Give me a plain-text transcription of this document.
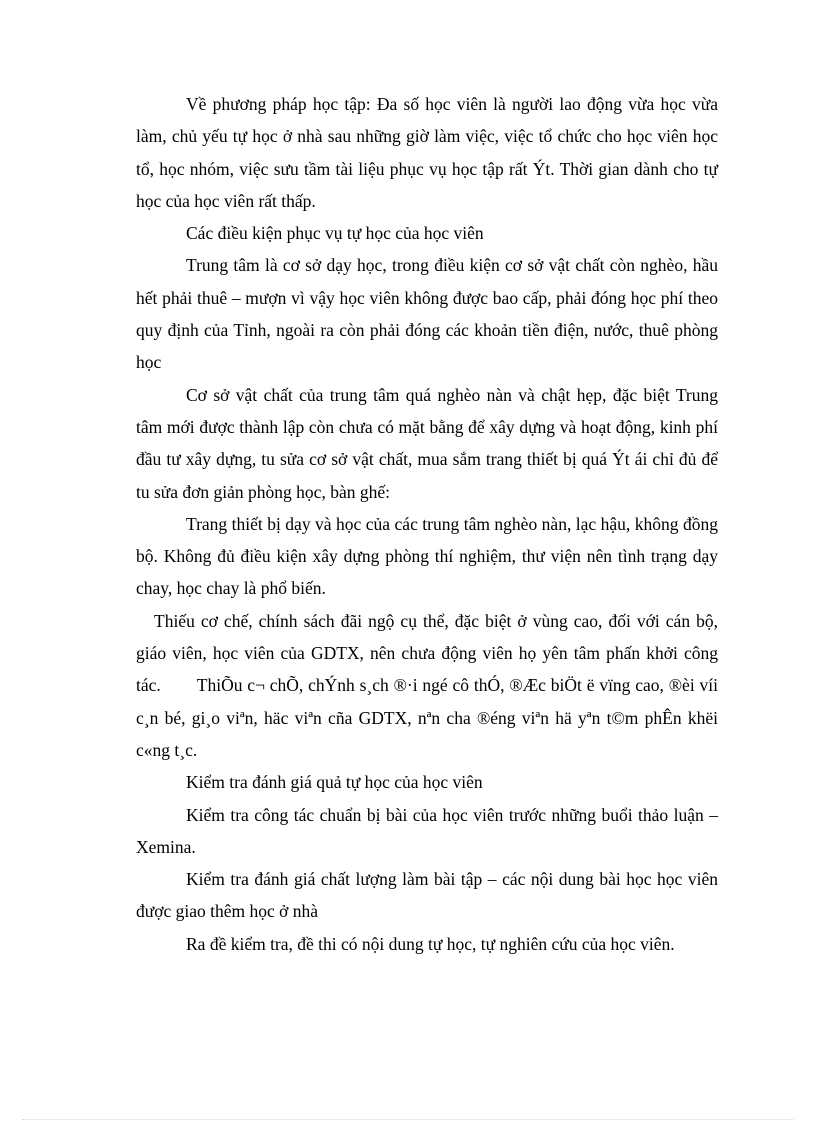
Về phương pháp học tập: Đa số học viên là người lao động vừa học vừa làm, chủ yếu tự học ở nhà sau những giờ làm việc, việc tổ chức cho học viên học tổ, học nhóm, việc sưu tầm tài liệu phục vụ học tập rất Ýt. Thời gian dành cho tự học của học viên rất thấp.

Các điều kiện phục vụ tự học của học viên

Trung tâm là cơ sở dạy học, trong điều kiện cơ sở vật chất còn nghèo, hầu hết phải thuê – mượn vì vậy học viên không được bao cấp, phải đóng học phí theo quy định của Tỉnh, ngoài ra còn phải đóng các khoản tiền điện, nước, thuê phòng học

Cơ sở vật chất của trung tâm quá nghèo nàn và chật hẹp, đặc biệt Trung tâm mới được thành lập còn chưa có mặt bằng để xây dựng và hoạt động, kinh phí đầu tư xây dựng, tu sửa cơ sở vật chất, mua sắm trang thiết bị quá Ýt ái chỉ đủ để tu sửa đơn giản phòng học, bàn ghế:

Trang thiết bị dạy và học của các trung tâm nghèo nàn, lạc hậu, không đồng bộ. Không đủ điều kiện xây dựng phòng thí nghiệm, thư viện nên tình trạng dạy chay, học chay là phổ biến.

Thiếu cơ chế, chính sách đãi ngộ cụ thể, đặc biệt ở vùng cao, đối với cán bộ, giáo viên, học viên của GDTX, nên chưa động viên họ yên tâm phấn khởi công tác. ThiÕu c¬ chÕ, chÝnh s¸ch ®·i ngé cô thÓ, ®Æc biÖt ë vïng cao, ®èi víi c¸n bé, gi¸o viªn, häc viªn cña GDTX, nªn cha ®éng viªn hä yªn t©m phÊn khëi c«ng t¸c.

Kiểm tra đánh giá quả tự học của học viên

Kiểm tra công tác chuẩn bị bài của học viên trước những buổi thảo luận – Xemina.

Kiểm tra đánh giá chất lượng làm bài tập – các nội dung bài học học viên được giao thêm học ở nhà

Ra đề kiểm tra, đề thi có nội dung tự học, tự nghiên cứu của học viên.
